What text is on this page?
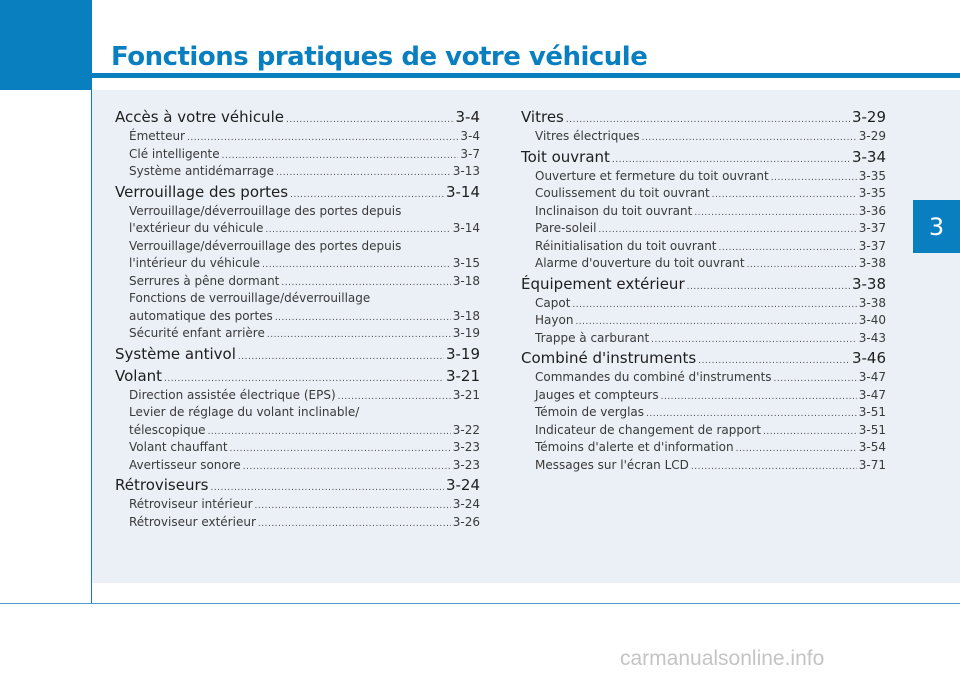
Fonctions pratiques de votre véhicule
3
Accès à votre véhicule .....	3-4
Émetteur .....	3-4
Clé intelligente .....	3-7
Système antidémarrage .....	3-13
Verrouillage des portes .....	3-14
Verrouillage/déverrouillage des portes depuis
l'extérieur du véhicule .....	3-14
Verrouillage/déverrouillage des portes depuis
l'intérieur du véhicule .....	3-15
Serrures à pêne dormant .....	3-18
Fonctions de verrouillage/déverrouillage
automatique des portes .....	3-18
Sécurité enfant arrière .....	3-19
Système antivol .....	3-19
Volant .....	3-21
Direction assistée électrique (EPS) .....	3-21
Levier de réglage du volant inclinable/
télescopique .....	3-22
Volant chauffant .....	3-23
Avertisseur sonore .....	3-23
Rétroviseurs .....	3-24
Rétroviseur intérieur .....	3-24
Rétroviseur extérieur .....	3-26
Vitres .....	3-29
Vitres électriques .....	3-29
Toit ouvrant .....	3-34
Ouverture et fermeture du toit ouvrant .....	3-35
Coulissement du toit ouvrant .....	3-35
Inclinaison du toit ouvrant .....	3-36
Pare-soleil .....	3-37
Réinitialisation du toit ouvrant .....	3-37
Alarme d'ouverture du toit ouvrant .....	3-38
Équipement extérieur .....	3-38
Capot .....	3-38
Hayon .....	3-40
Trappe à carburant .....	3-43
Combiné d'instruments .....	3-46
Commandes du combiné d'instruments .....	3-47
Jauges et compteurs .....	3-47
Témoin de verglas .....	3-51
Indicateur de changement de rapport .....	3-51
Témoins d'alerte et d'information .....	3-54
Messages sur l'écran LCD .....	3-71
carmanualsonline.info
